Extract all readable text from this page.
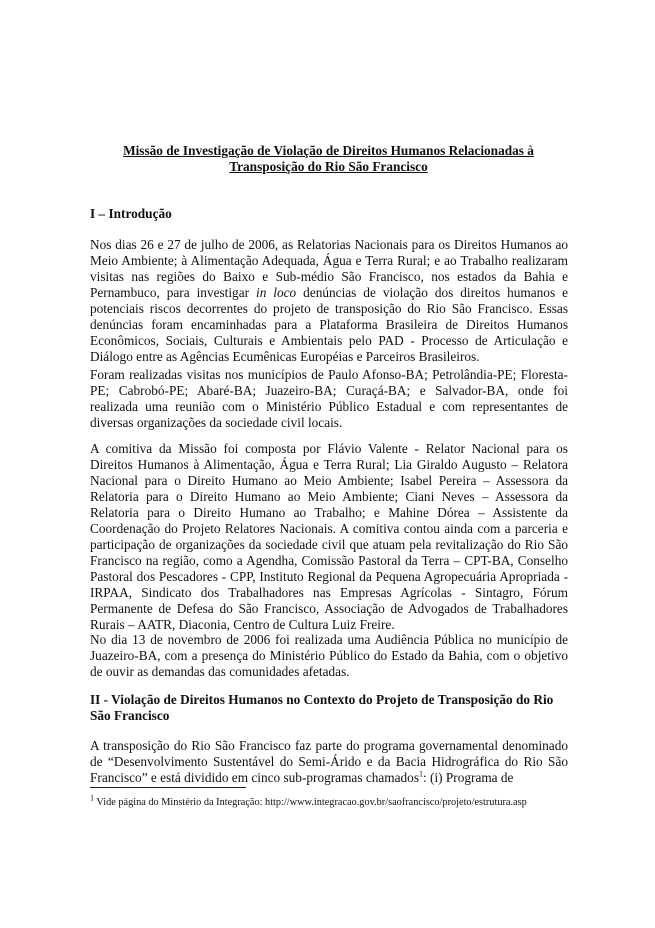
Missão de Investigação de Violação de Direitos Humanos Relacionadas à
Transposição do Rio São Francisco
I – Introdução

Nos dias 26 e 27 de julho de 2006, as Relatorias Nacionais para os Direitos Humanos ao Meio Ambiente; à Alimentação Adequada, Água e Terra Rural; e ao Trabalho realizaram visitas nas regiões do Baixo e Sub-médio São Francisco, nos estados da Bahia e Pernambuco, para investigar in loco denúncias de violação dos direitos humanos e potenciais riscos decorrentes do projeto de transposição do Rio São Francisco. Essas denúncias foram encaminhadas para a Plataforma Brasileira de Direitos Humanos Econômicos, Sociais, Culturais e Ambientais pelo PAD - Processo de Articulação e Diálogo entre as Agências Ecumênicas Européias e Parceiros Brasileiros.

Foram realizadas visitas nos municípios de Paulo Afonso-BA; Petrolândia-PE; Floresta-PE; Cabrobó-PE; Abaré-BA; Juazeiro-BA; Curaçá-BA; e Salvador-BA, onde foi realizada uma reunião com o Ministério Público Estadual e com representantes de diversas organizações da sociedade civil locais.

A comitiva da Missão foi composta por Flávio Valente - Relator Nacional para os Direitos Humanos à Alimentação, Água e Terra Rural; Lia Giraldo Augusto – Relatora Nacional para o Direito Humano ao Meio Ambiente; Isabel Pereira – Assessora da Relatoria para o Direito Humano ao Meio Ambiente; Ciani Neves – Assessora da Relatoria para o Direito Humano ao Trabalho; e Mahine Dórea – Assistente da Coordenação do Projeto Relatores Nacionais. A comitiva contou ainda com a parceria e participação de organizações da sociedade civil que atuam pela revitalização do Rio São Francisco na região, como a Agendha, Comissão Pastoral da Terra – CPT-BA, Conselho Pastoral dos Pescadores - CPP, Instituto Regional da Pequena Agropecuária Apropriada - IRPAA, Sindicato dos Trabalhadores nas Empresas Agrícolas - Sintagro, Fórum Permanente de Defesa do São Francisco, Associação de Advogados de Trabalhadores Rurais – AATR, Diaconia, Centro de Cultura Luiz Freire.

No dia 13 de novembro de 2006 foi realizada uma Audiência Pública no município de Juazeiro-BA, com a presença do Ministério Público do Estado da Bahia, com o objetivo de ouvir as demandas das comunidades afetadas.

II - Violação de Direitos Humanos no Contexto do Projeto de Transposição do Rio São Francisco

A transposição do Rio São Francisco faz parte do programa governamental denominado de “Desenvolvimento Sustentável do Semi-Árido e da Bacia Hidrográfica do Rio São Francisco” e está dividido em cinco sub-programas chamados$^1$: (i) Programa de

$^1$ Vide página do Minstério da Integração: http://www.integracao.gov.br/saofrancisco/projeto/estrutura.asp
